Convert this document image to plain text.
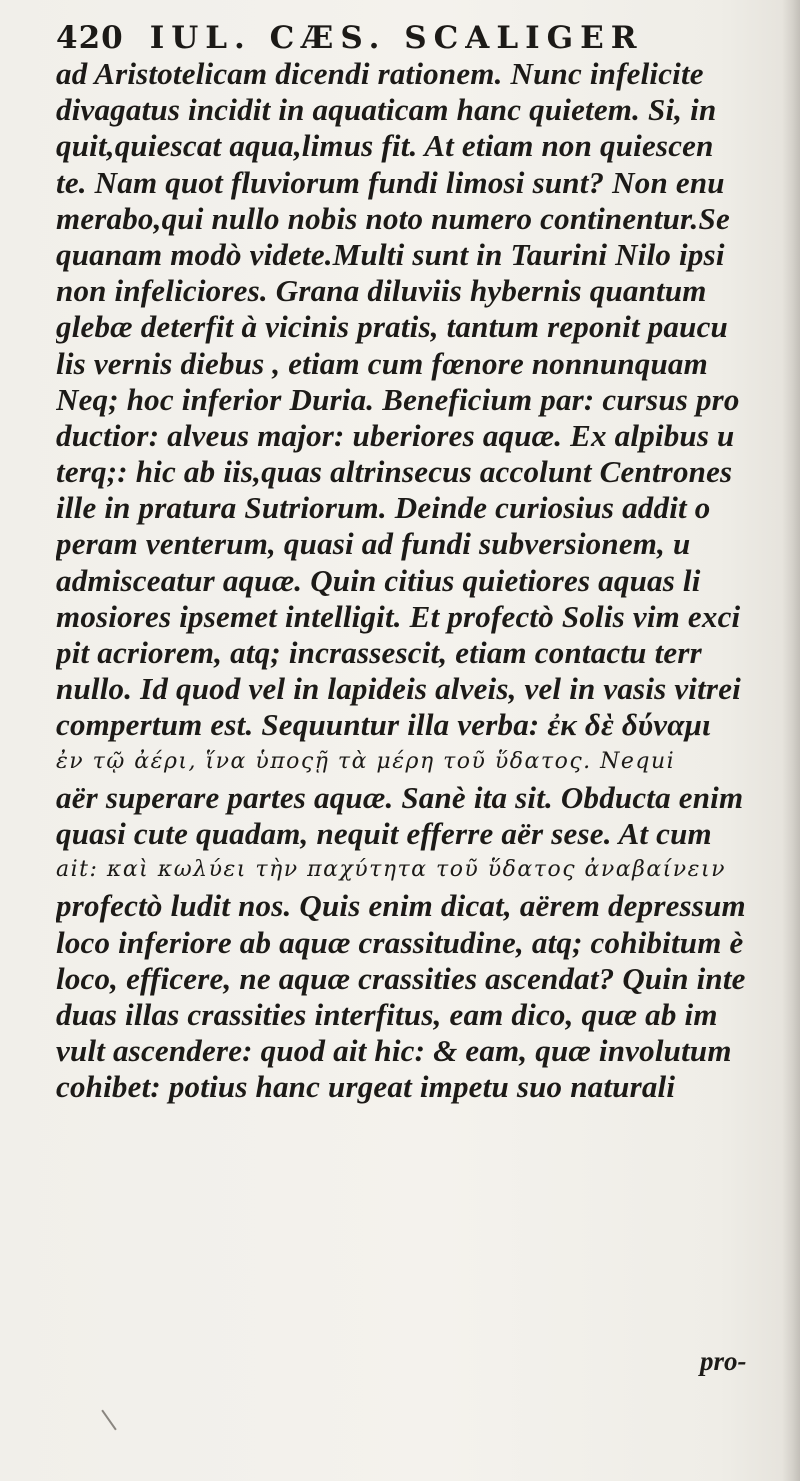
420 IUL. CÆS. SCALIGER
ad Aristotelicam dicendi rationem. Nunc infelicite
divagatus incidit in aquaticam hanc quietem. Si, in
quit,quiescat aqua,limus fit. At etiam non quiescen
te. Nam quot fluviorum fundi limosi sunt? Non enu
merabo,qui nullo nobis noto numero continentur.Se
quanam modò videte.Multi sunt in Taurini Nilo ipsi
non infeliciores. Grana diluviis hybernis quantum
glebæ deterfit à vicinis pratis, tantum reponit paucu
lis vernis diebus , etiam cum fœnore nonnunquam
Neq; hoc inferior Duria. Beneficium par: cursus pro
ductior: alveus major: uberiores aquæ. Ex alpibus u
terq;: hic ab iis,quas altrinsecus accolunt Centrones
ille in pratura Sutriorum. Deinde curiosius addit o
peram venterum, quasi ad fundi subversionem, u
admisceatur aquæ. Quin citius quietiores aquas li
mosiores ipsemet intelligit. Et profectò Solis vim exci
pit acriorem, atq; incrassescit, etiam contactu terr
nullo. Id quod vel in lapideis alveis, vel in vasis vitrei
compertum est. Sequuntur illa verba: ἐκ δὲ δύναμι
ἐν τῷ ἀέρι, ἵνα ὑποςῇ τὰ μέρη τοῦ ὕδατος. Nequi
aër superare partes aquæ. Sanè ita sit. Obducta enim
quasi cute quadam, nequit efferre aër sese. At cum
ait: καὶ κωλύει τὴν παχύτητα τοῦ ὕδατος ἀναβαίνειν
profectò ludit nos. Quis enim dicat, aërem depressum
loco inferiore ab aquæ crassitudine, atq; cohibitum è
loco, efficere, ne aquæ crassities ascendat? Quin inte
duas illas crassities interfitus, eam dico, quæ ab im
vult ascendere: quod ait hic: & eam, quæ involutum
cohibet: potius hanc urgeat impetu suo naturali
pro-
